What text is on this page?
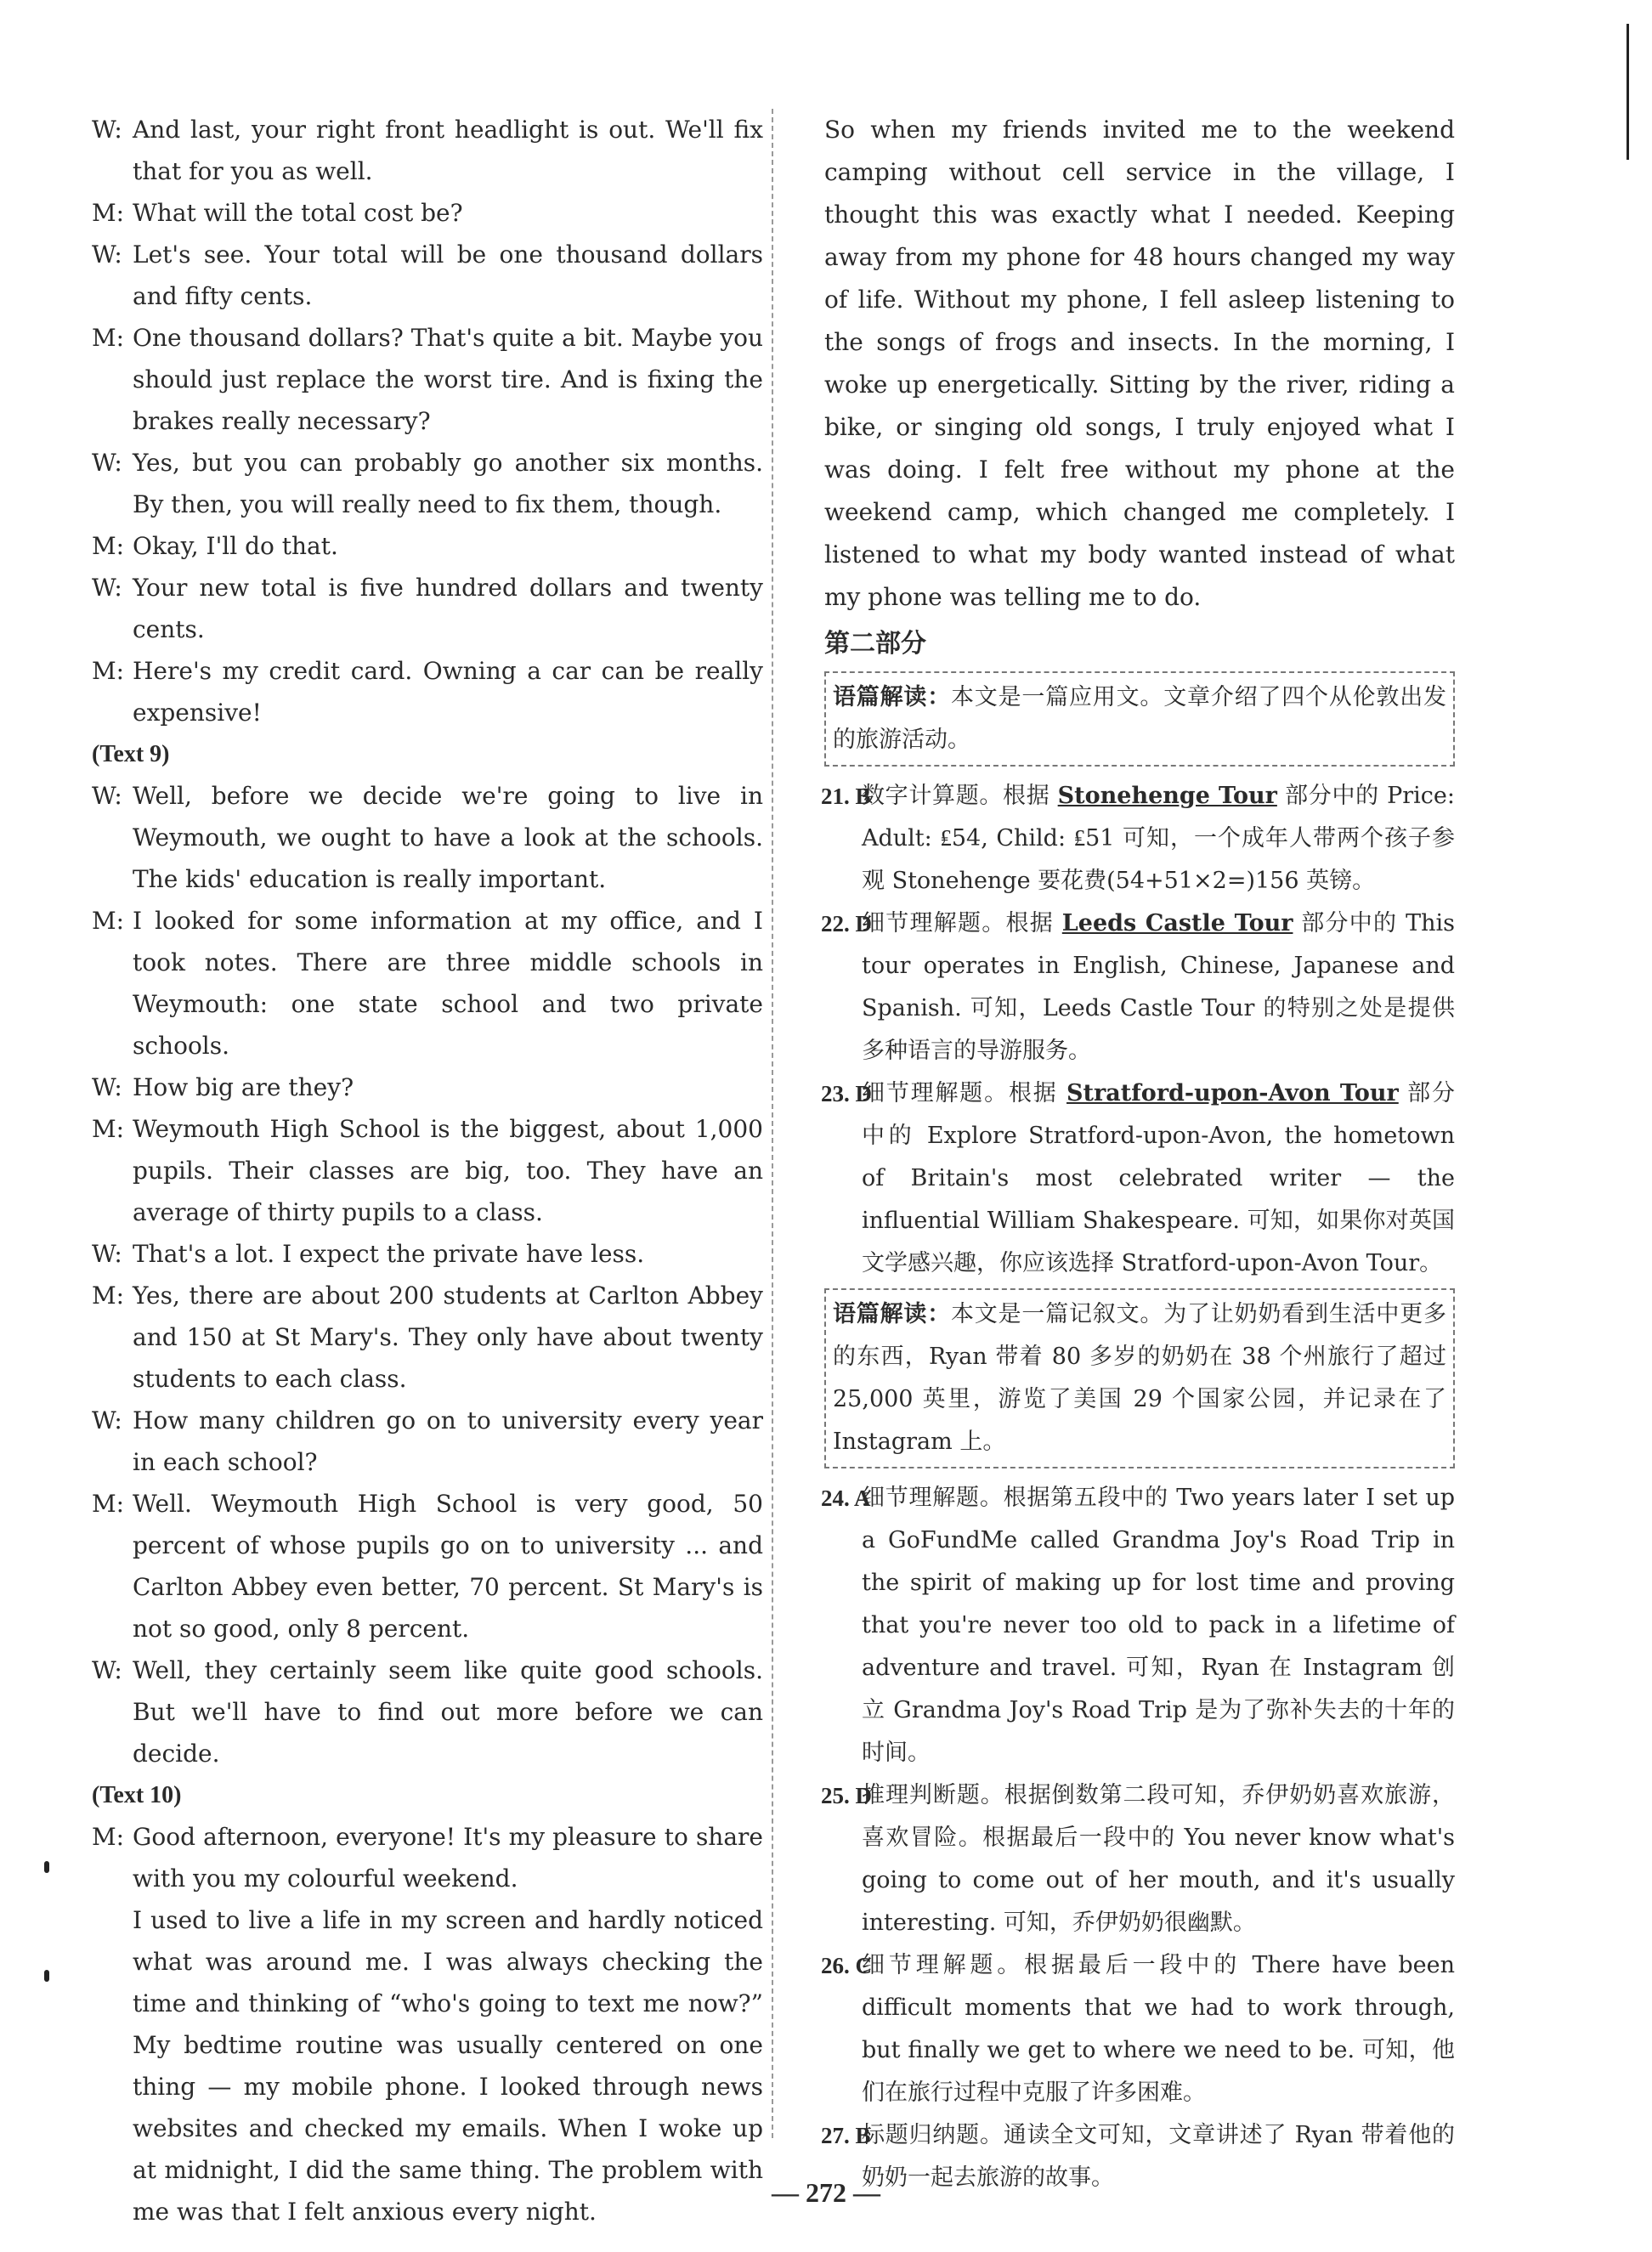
W: And last, your right front headlight is out. We'll fix that for you as well.
M: What will the total cost be?
W: Let's see. Your total will be one thousand dollars and fifty cents.
M: One thousand dollars? That's quite a bit. Maybe you should just replace the worst tire. And is fixing the brakes really necessary?
W: Yes, but you can probably go another six months. By then, you will really need to fix them, though.
M: Okay, I'll do that.
W: Your new total is five hundred dollars and twenty cents.
M: Here's my credit card. Owning a car can be really expensive!
(Text 9)
W: Well, before we decide we're going to live in Weymouth, we ought to have a look at the schools. The kids' education is really important.
M: I looked for some information at my office, and I took notes. There are three middle schools in Weymouth: one state school and two private schools.
W: How big are they?
M: Weymouth High School is the biggest, about 1,000 pupils. Their classes are big, too. They have an average of thirty pupils to a class.
W: That's a lot. I expect the private have less.
M: Yes, there are about 200 students at Carlton Abbey and 150 at St Mary's. They only have about twenty students to each class.
W: How many children go on to university every year in each school?
M: Well. Weymouth High School is very good, 50 percent of whose pupils go on to university ... and Carlton Abbey even better, 70 percent. St Mary's is not so good, only 8 percent.
W: Well, they certainly seem like quite good schools. But we'll have to find out more before we can decide.
(Text 10)
M: Good afternoon, everyone! It's my pleasure to share with you my colourful weekend.
I used to live a life in my screen and hardly noticed what was around me. I was always checking the time and thinking of “who's going to text me now?” My bedtime routine was usually centered on one thing — my mobile phone. I looked through news websites and checked my emails. When I woke up at midnight, I did the same thing. The problem with me was that I felt anxious every night.
So when my friends invited me to the weekend camping without cell service in the village, I thought this was exactly what I needed. Keeping away from my phone for 48 hours changed my way of life. Without my phone, I fell asleep listening to the songs of frogs and insects. In the morning, I woke up energetically. Sitting by the river, riding a bike, or singing old songs, I truly enjoyed what I was doing. I felt free without my phone at the weekend camp, which changed me completely. I listened to what my body wanted instead of what my phone was telling me to do.
第二部分
语篇解读：本文是一篇应用文。文章介绍了四个从伦敦出发的旅游活动。
21. B
数字计算题。根据 Stonehenge Tour 部分中的 Price: Adult: ₤54, Child: ₤51 可知，一个成年人带两个孩子参观 Stonehenge 要花费(54+51×2=)156 英镑。
22. D
细节理解题。根据 Leeds Castle Tour 部分中的 This tour operates in English, Chinese, Japanese and Spanish. 可知，Leeds Castle Tour 的特别之处是提供多种语言的导游服务。
23. D
细节理解题。根据 Stratford-upon-Avon Tour 部分中的 Explore Stratford-upon-Avon, the hometown of Britain's most celebrated writer — the influential William Shakespeare. 可知，如果你对英国文学感兴趣，你应该选择 Stratford-upon-Avon Tour。
语篇解读：本文是一篇记叙文。为了让奶奶看到生活中更多的东西，Ryan 带着 80 多岁的奶奶在 38 个州旅行了超过 25,000 英里，游览了美国 29 个国家公园，并记录在了 Instagram 上。
24. A
细节理解题。根据第五段中的 Two years later I set up a GoFundMe called Grandma Joy's Road Trip in the spirit of making up for lost time and proving that you're never too old to pack in a lifetime of adventure and travel. 可知，Ryan 在 Instagram 创立 Grandma Joy's Road Trip 是为了弥补失去的十年的时间。
25. D
推理判断题。根据倒数第二段可知，乔伊奶奶喜欢旅游，喜欢冒险。根据最后一段中的 You never know what's going to come out of her mouth, and it's usually interesting. 可知，乔伊奶奶很幽默。
26. C
细节理解题。根据最后一段中的 There have been difficult moments that we had to work through, but finally we get to where we need to be. 可知，他们在旅行过程中克服了许多困难。
27. B
标题归纳题。通读全文可知，文章讲述了 Ryan 带着他的奶奶一起去旅游的故事。
— 272 —
